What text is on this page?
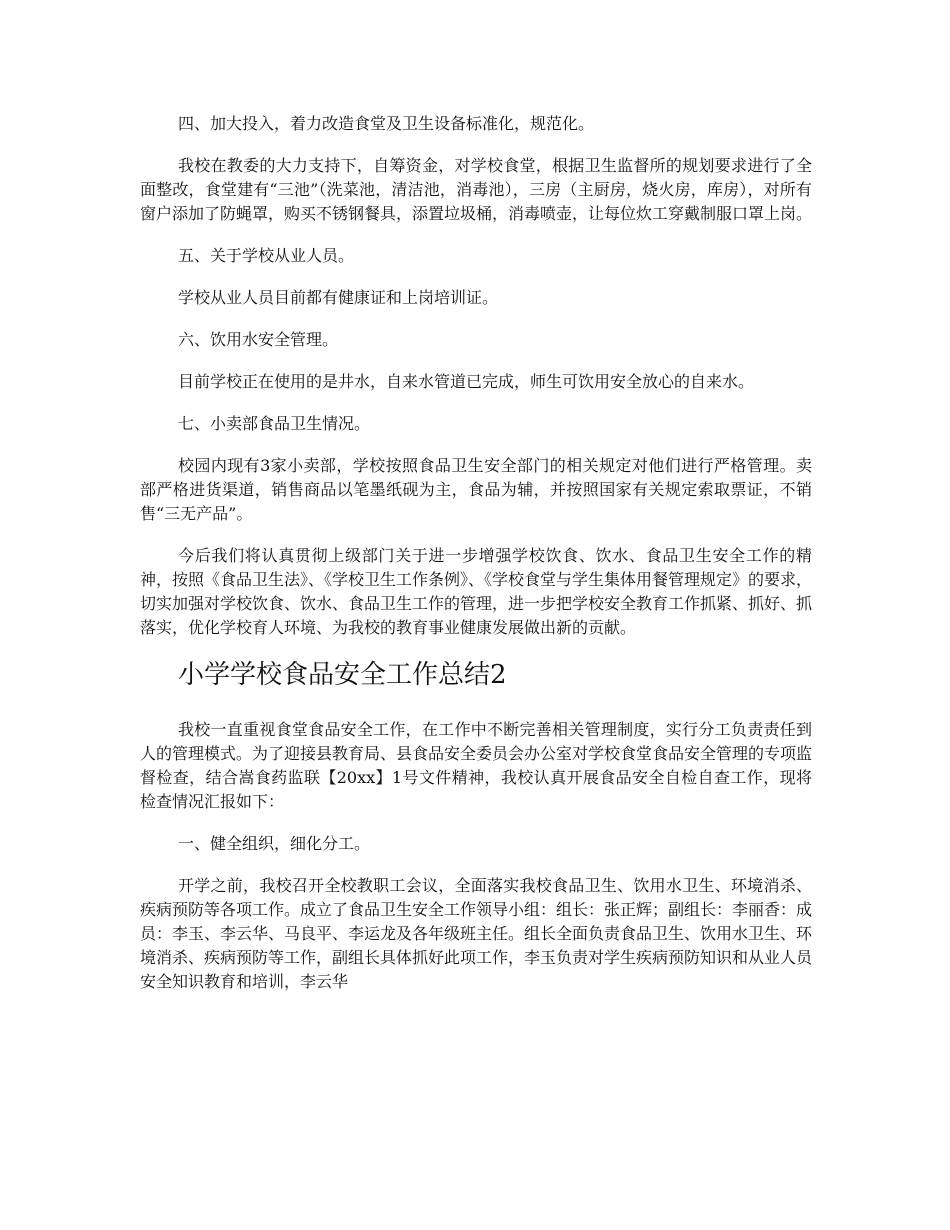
四、加大投入，着力改造食堂及卫生设备标准化，规范化。

我校在教委的大力支持下，自筹资金，对学校食堂，根据卫生监督所的规划要求进行了全面整改，食堂建有“三池”（洗菜池，清洁池，消毒池），三房（主厨房，烧火房，库房），对所有窗户添加了防蝇罩，购买不锈钢餐具，添置垃圾桶，消毒喷壶，让每位炊工穿戴制服口罩上岗。

五、关于学校从业人员。

学校从业人员目前都有健康证和上岗培训证。

六、饮用水安全管理。

目前学校正在使用的是井水，自来水管道已完成，师生可饮用安全放心的自来水。

七、小卖部食品卫生情况。

校园内现有3家小卖部，学校按照食品卫生安全部门的相关规定对他们进行严格管理。卖部严格进货渠道，销售商品以笔墨纸砚为主，食品为辅，并按照国家有关规定索取票证，不销售“三无产品”。

今后我们将认真贯彻上级部门关于进一步增强学校饮食、饮水、食品卫生安全工作的精神，按照《食品卫生法》、《学校卫生工作条例》、《学校食堂与学生集体用餐管理规定》的要求，切实加强对学校饮食、饮水、食品卫生工作的管理，进一步把学校安全教育工作抓紧、抓好、抓落实，优化学校育人环境、为我校的教育事业健康发展做出新的贡献。

小学学校食品安全工作总结2

我校一直重视食堂食品安全工作，在工作中不断完善相关管理制度，实行分工负责责任到人的管理模式。为了迎接县教育局、县食品安全委员会办公室对学校食堂食品安全管理的专项监督检查，结合嵩食药监联【20xx】1号文件精神，我校认真开展食品安全自检自查工作，现将检查情况汇报如下：

一、健全组织，细化分工。

开学之前，我校召开全校教职工会议，全面落实我校食品卫生、饮用水卫生、环境消杀、疾病预防等各项工作。成立了食品卫生安全工作领导小组：组长：张正辉；副组长：李丽香：成员：李玉、李云华、马良平、李运龙及各年级班主任。组长全面负责食品卫生、饮用水卫生、环境消杀、疾病预防等工作，副组长具体抓好此项工作，李玉负责对学生疾病预防知识和从业人员安全知识教育和培训，李云华
